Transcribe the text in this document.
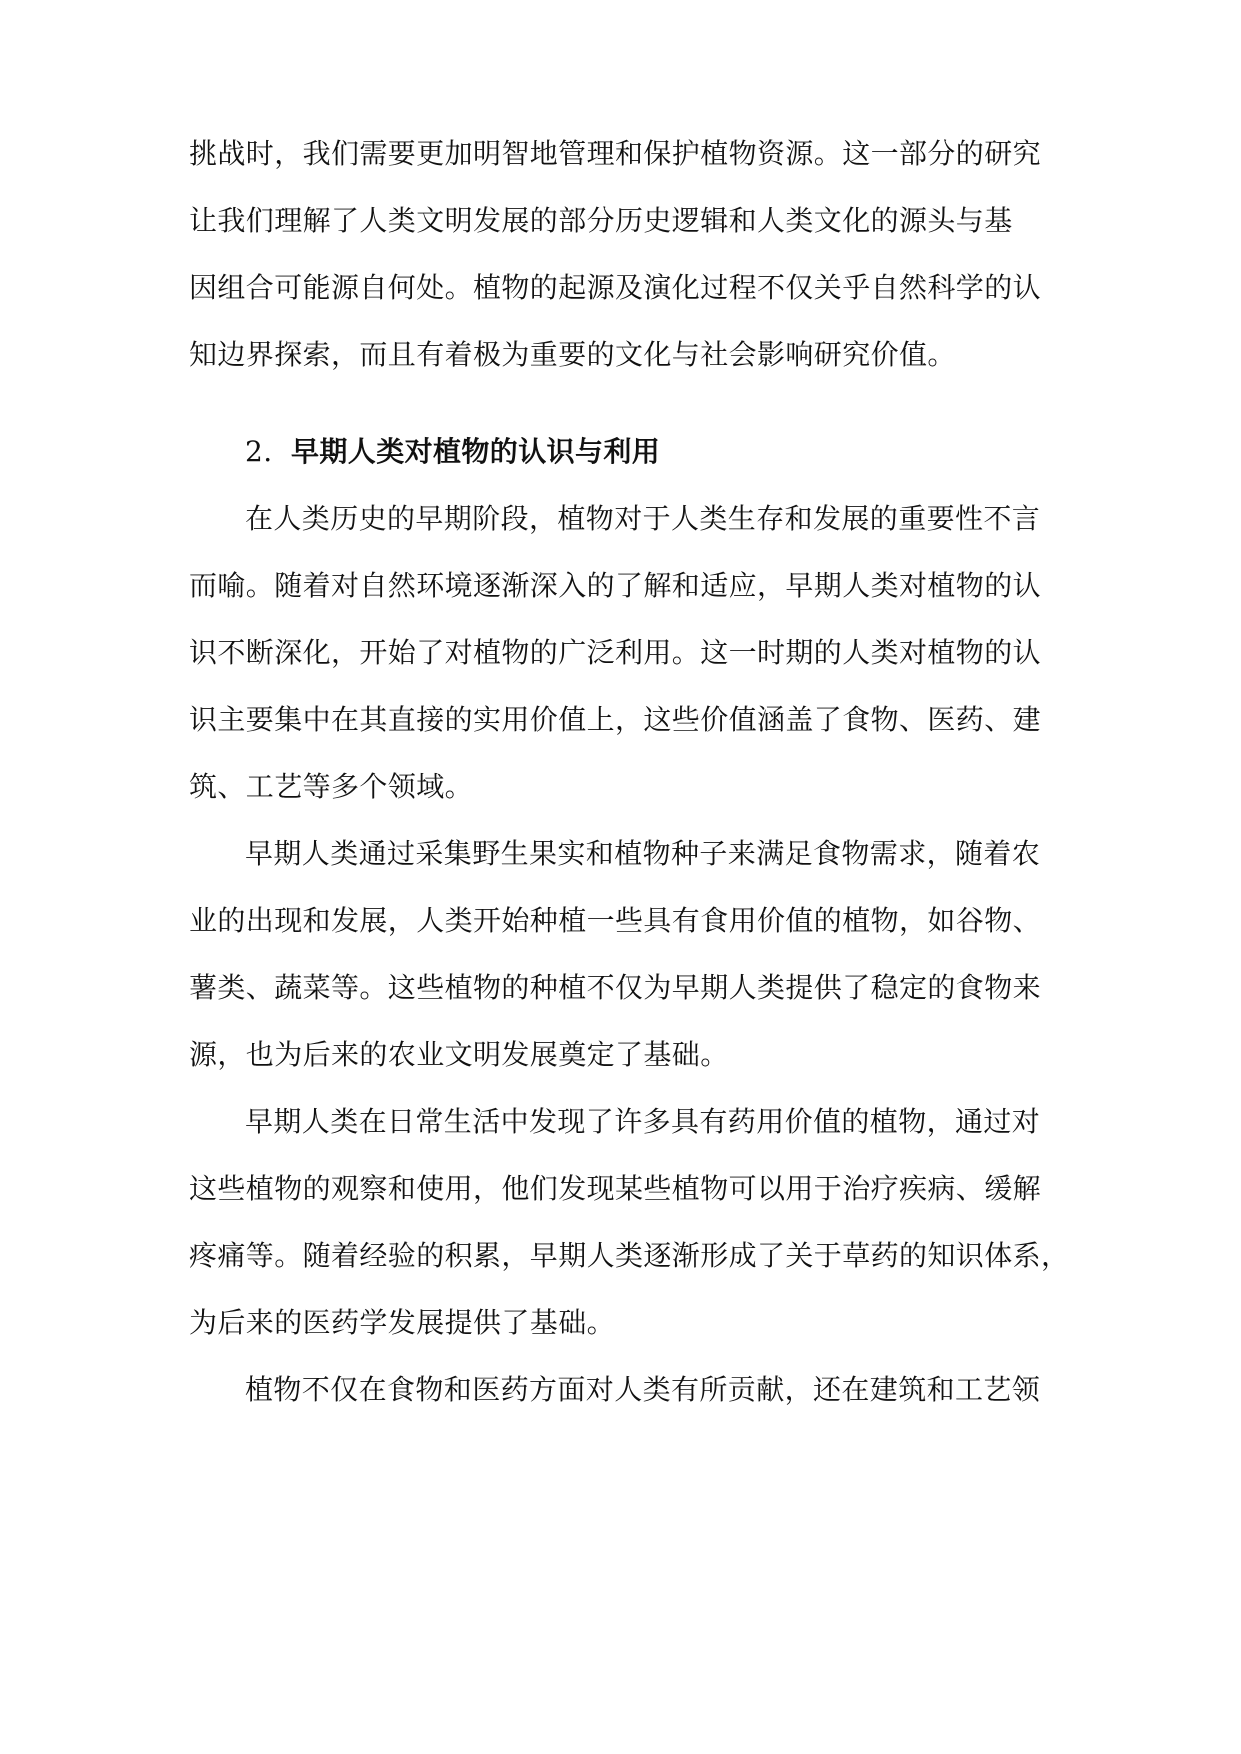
挑战时，我们需要更加明智地管理和保护植物资源。这一部分的研究
让我们理解了人类文明发展的部分历史逻辑和人类文化的源头与基
因组合可能源自何处。植物的起源及演化过程不仅关乎自然科学的认
知边界探索，而且有着极为重要的文化与社会影响研究价值。
2. 早期人类对植物的认识与利用
在人类历史的早期阶段，植物对于人类生存和发展的重要性不言
而喻。随着对自然环境逐渐深入的了解和适应，早期人类对植物的认
识不断深化，开始了对植物的广泛利用。这一时期的人类对植物的认
识主要集中在其直接的实用价值上，这些价值涵盖了食物、医药、建
筑、工艺等多个领域。
早期人类通过采集野生果实和植物种子来满足食物需求，随着农
业的出现和发展，人类开始种植一些具有食用价值的植物，如谷物、
薯类、蔬菜等。这些植物的种植不仅为早期人类提供了稳定的食物来
源，也为后来的农业文明发展奠定了基础。
早期人类在日常生活中发现了许多具有药用价值的植物，通过对
这些植物的观察和使用，他们发现某些植物可以用于治疗疾病、缓解
疼痛等。随着经验的积累，早期人类逐渐形成了关于草药的知识体系，
为后来的医药学发展提供了基础。
植物不仅在食物和医药方面对人类有所贡献，还在建筑和工艺领
